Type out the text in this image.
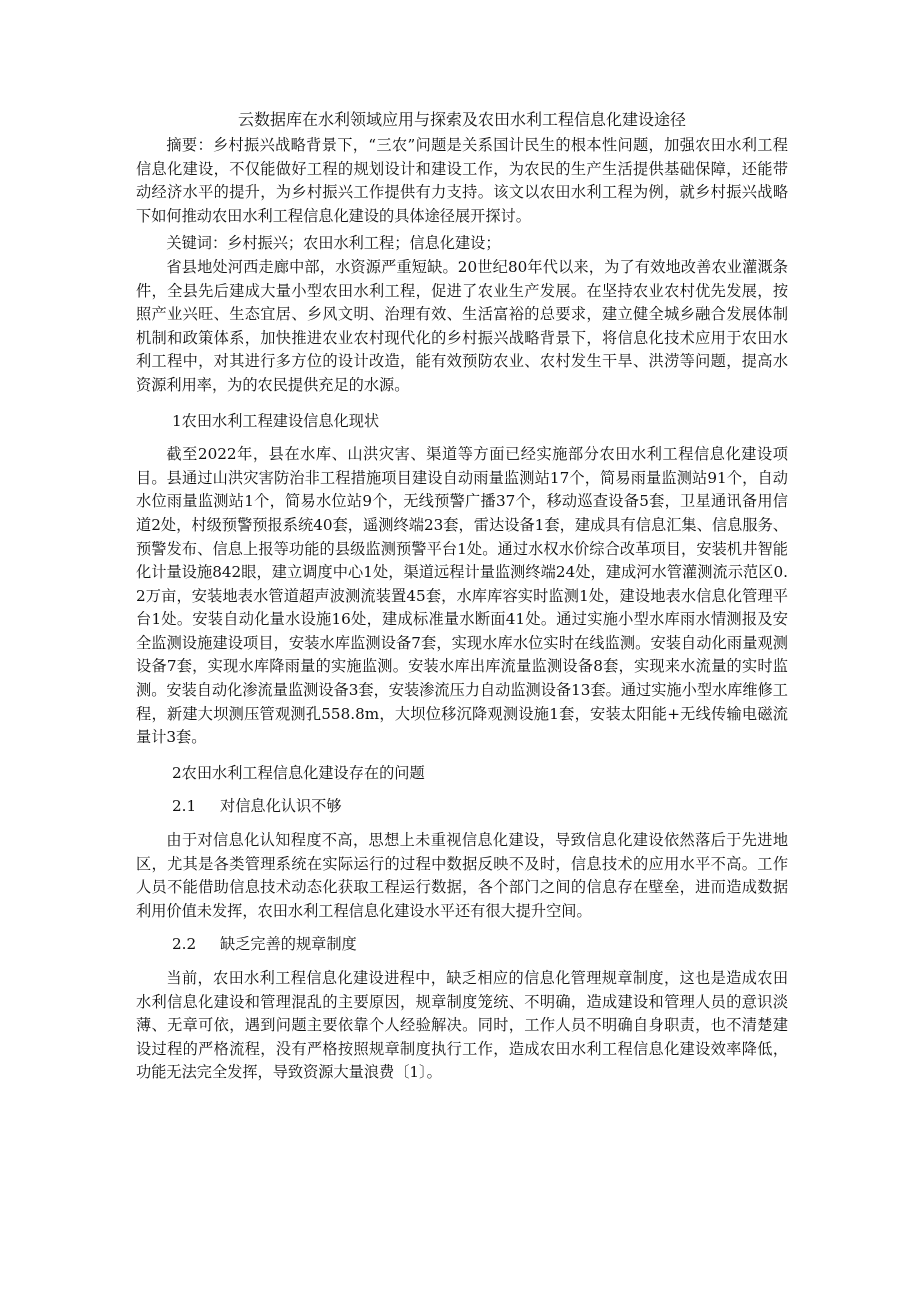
云数据库在水利领域应用与探索及农田水利工程信息化建设途径

摘要：乡村振兴战略背景下，“三农”问题是关系国计民生的根本性问题，加强农田水利工程信息化建设，不仅能做好工程的规划设计和建设工作，为农民的生产生活提供基础保障，还能带动经济水平的提升，为乡村振兴工作提供有力支持。该文以农田水利工程为例，就乡村振兴战略下如何推动农田水利工程信息化建设的具体途径展开探讨。

关键词：乡村振兴；农田水利工程；信息化建设；

省县地处河西走廊中部，水资源严重短缺。20世纪80年代以来，为了有效地改善农业灌溉条件，全县先后建成大量小型农田水利工程，促进了农业生产发展。在坚持农业农村优先发展，按照产业兴旺、生态宜居、乡风文明、治理有效、生活富裕的总要求，建立健全城乡融合发展体制机制和政策体系，加快推进农业农村现代化的乡村振兴战略背景下，将信息化技术应用于农田水利工程中，对其进行多方位的设计改造，能有效预防农业、农村发生干旱、洪涝等问题，提高水资源利用率，为的农民提供充足的水源。

1农田水利工程建设信息化现状

截至2022年，县在水库、山洪灾害、渠道等方面已经实施部分农田水利工程信息化建设项目。县通过山洪灾害防治非工程措施项目建设自动雨量监测站17个，简易雨量监测站91个，自动水位雨量监测站1个，简易水位站9个，无线预警广播37个，移动巡查设备5套，卫星通讯备用信道2处，村级预警预报系统40套，遥测终端23套，雷达设备1套，建成具有信息汇集、信息服务、预警发布、信息上报等功能的县级监测预警平台1处。通过水权水价综合改革项目，安装机井智能化计量设施842眼，建立调度中心1处，渠道远程计量监测终端24处，建成河水管灌测流示范区0.2万亩，安装地表水管道超声波测流装置45套，水库库容实时监测1处，建设地表水信息化管理平台1处。安装自动化量水设施16处，建成标准量水断面41处。通过实施小型水库雨水情测报及安全监测设施建设项目，安装水库监测设备7套，实现水库水位实时在线监测。安装自动化雨量观测设备7套，实现水库降雨量的实施监测。安装水库出库流量监测设备8套，实现来水流量的实时监测。安装自动化渗流量监测设备3套，安装渗流压力自动监测设备13套。通过实施小型水库维修工程，新建大坝测压管观测孔558.8m，大坝位移沉降观测设施1套，安装太阳能+无线传输电磁流量计3套。

2农田水利工程信息化建设存在的问题
2.1 对信息化认识不够

由于对信息化认知程度不高，思想上未重视信息化建设，导致信息化建设依然落后于先进地区，尤其是各类管理系统在实际运行的过程中数据反映不及时，信息技术的应用水平不高。工作人员不能借助信息技术动态化获取工程运行数据，各个部门之间的信息存在壁垒，进而造成数据利用价值未发挥，农田水利工程信息化建设水平还有很大提升空间。

2.2 缺乏完善的规章制度

当前，农田水利工程信息化建设进程中，缺乏相应的信息化管理规章制度，这也是造成农田水利信息化建设和管理混乱的主要原因，规章制度笼统、不明确，造成建设和管理人员的意识淡薄、无章可依，遇到问题主要依靠个人经验解决。同时，工作人员不明确自身职责，也不清楚建设过程的严格流程，没有严格按照规章制度执行工作，造成农田水利工程信息化建设效率降低，功能无法完全发挥，导致资源大量浪费〔1〕。
